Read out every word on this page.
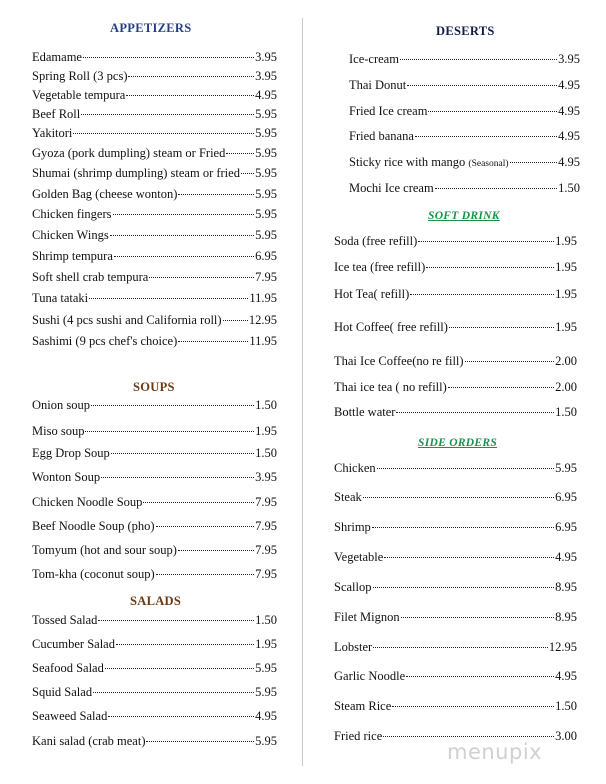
APPETIZERS
Edamame	3.95
Spring Roll (3 pcs)	3.95
Vegetable tempura	4.95
Beef Roll	5.95
Yakitori	5.95
Gyoza (pork dumpling) steam or Fried 5.95
Shumai (shrimp dumpling) steam or fried 5.95
Golden Bag (cheese wonton)	5.95
Chicken fingers	5.95
Chicken Wings	5.95
Shrimp tempura	6.95
Soft shell crab tempura	7.95
Tuna tataki	11.95
Sushi (4 pcs sushi and California roll) 12.95
Sashimi (9 pcs chef's choice)	11.95
SOUPS
Onion soup	1.50
Miso soup	1.95
Egg Drop Soup	1.50
Wonton Soup	3.95
Chicken Noodle Soup	7.95
Beef Noodle Soup (pho)	7.95
Tomyum (hot and sour soup)	7.95
Tom-kha (coconut soup)	7.95
SALADS
Tossed Salad	1.50
Cucumber Salad	1.95
Seafood Salad	5.95
Squid Salad	5.95
Seaweed Salad	4.95
Kani salad (crab meat)	5.95
DESERTS
Ice-cream	3.95
Thai Donut	4.95
Fried Ice cream	4.95
Fried banana	4.95
Sticky rice with mango (Seasonal)	4.95
Mochi Ice cream	1.50
SOFT DRINK
Soda (free refill)	1.95
Ice tea (free refill)	1.95
Hot Tea( refill)	1.95
Hot Coffee( free refill)	1.95
Thai Ice Coffee(no re fill)	2.00
Thai ice tea ( no refill)	2.00
Bottle water	1.50
SIDE ORDERS
Chicken	5.95
Steak	6.95
Shrimp	6.95
Vegetable	4.95
Scallop	8.95
Filet Mignon	8.95
Lobster	12.95
Garlic Noodle	4.95
Steam Rice	1.50
Fried rice	3.00
menupix
